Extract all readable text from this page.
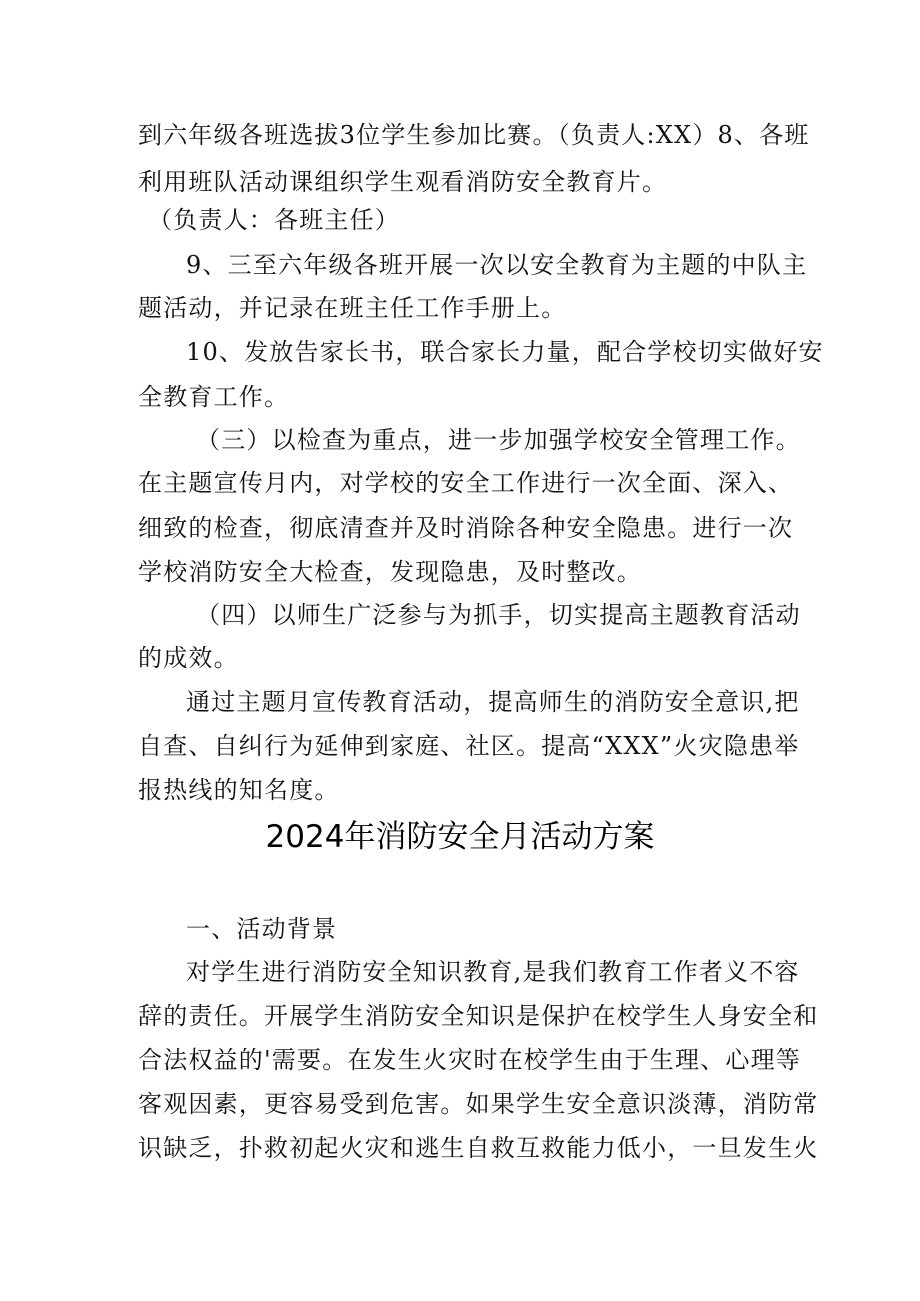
到六年级各班选拔3位学生参加比赛。（负责人:XX）8、各班
利用班队活动课组织学生观看消防安全教育片。
（负责人：各班主任）
9、三至六年级各班开展一次以安全教育为主题的中队主
题活动，并记录在班主任工作手册上。
10、发放告家长书，联合家长力量，配合学校切实做好安
全教育工作。
（三）以检查为重点，进一步加强学校安全管理工作。
在主题宣传月内，对学校的安全工作进行一次全面、深入、
细致的检查，彻底清查并及时消除各种安全隐患。进行一次
学校消防安全大检查，发现隐患，及时整改。
（四）以师生广泛参与为抓手，切实提高主题教育活动
的成效。
通过主题月宣传教育活动，提高师生的消防安全意识,把
自查、自纠行为延伸到家庭、社区。提高“XXX”火灾隐患举
报热线的知名度。
2024年消防安全月活动方案
一、活动背景
对学生进行消防安全知识教育,是我们教育工作者义不容
辞的责任。开展学生消防安全知识是保护在校学生人身安全和
合法权益的'需要。在发生火灾时在校学生由于生理、心理等
客观因素，更容易受到危害。如果学生安全意识淡薄，消防常
识缺乏，扑救初起火灾和逃生自救互救能力低小，一旦发生火
